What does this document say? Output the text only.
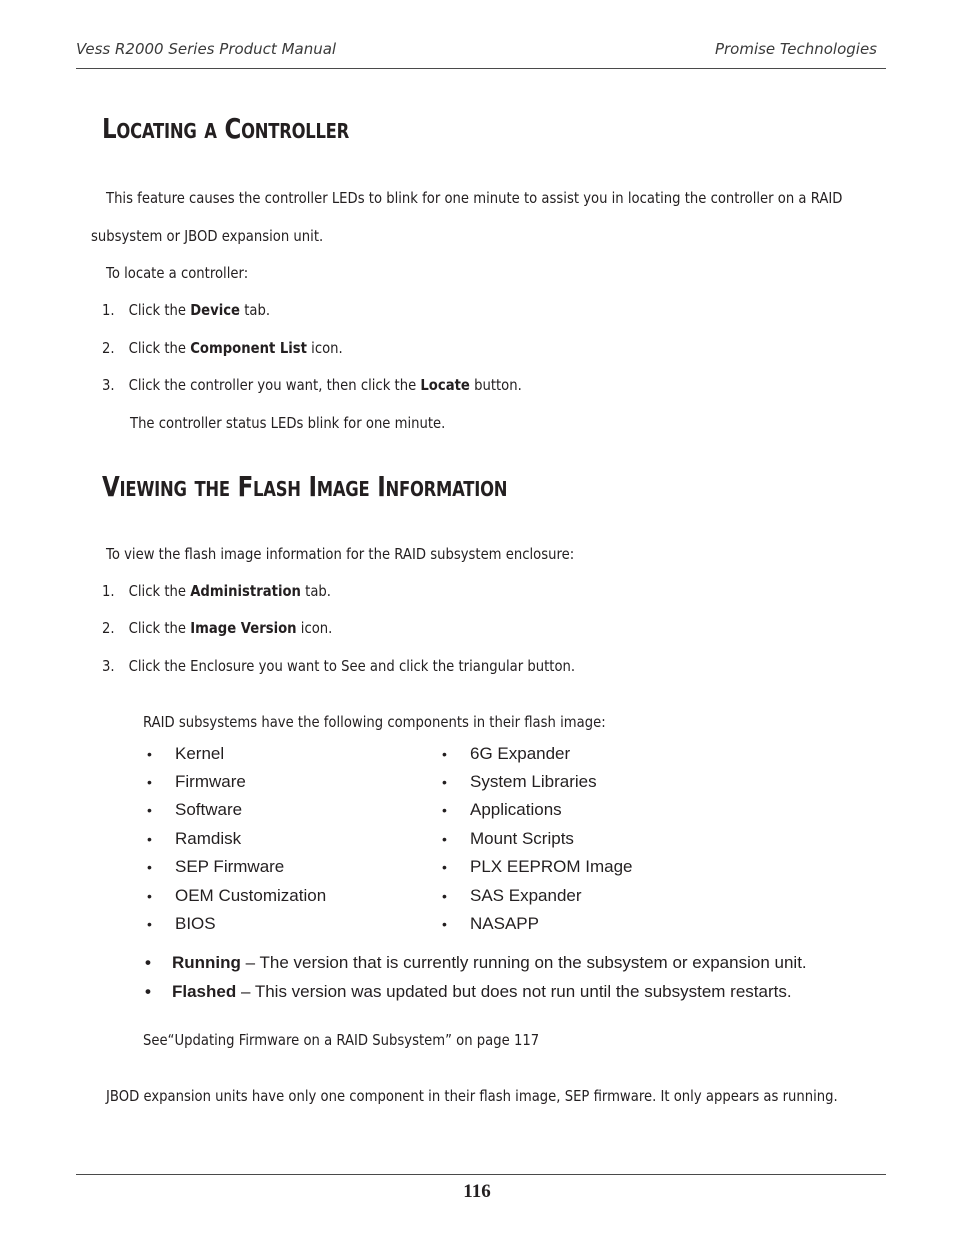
Vess R2000 Series Product Manual	Promise Technologies
Locating a Controller
This feature causes the controller LEDs to blink for one minute to assist you in locating the controller on a RAID
subsystem or JBOD expansion unit.
To locate a controller:
1. Click the Device tab.
2. Click the Component List icon.
3. Click the controller you want, then click the Locate button.
The controller status LEDs blink for one minute.
Viewing the Flash Image Information
To view the flash image information for the RAID subsystem enclosure:
1. Click the Administration tab.
2. Click the Image Version icon.
3. Click the Enclosure you want to See and click the triangular button.
RAID subsystems have the following components in their flash image:
• Kernel
• Firmware
• Software
• Ramdisk
• SEP Firmware
• OEM Customization
• BIOS
• 6G Expander
• System Libraries
• Applications
• Mount Scripts
• PLX EEPROM Image
• SAS Expander
• NASAPP
• Running – The version that is currently running on the subsystem or expansion unit.
• Flashed – This version was updated but does not run until the subsystem restarts.
See“Updating Firmware on a RAID Subsystem” on page 117
JBOD expansion units have only one component in their flash image, SEP firmware. It only appears as running.
116
